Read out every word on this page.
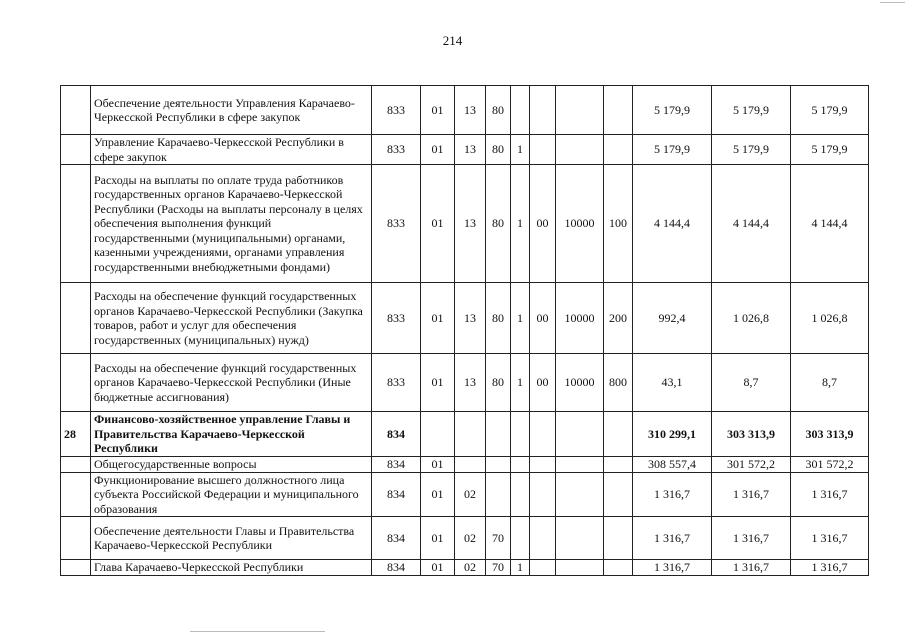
214
	Обеспечение деятельности Управления Карачаево-Черкесской Республики в сфере закупок	833	01	13	80					5 179,9	5 179,9	5 179,9
	Управление Карачаево-Черкесской Республики в сфере закупок	833	01	13	80	1				5 179,9	5 179,9	5 179,9
	Расходы на выплаты по оплате труда работников государственных органов Карачаево-Черкесской Республики (Расходы на выплаты персоналу в целях обеспечения выполнения функций государственными (муниципальными) органами, казенными учреждениями, органами управления государственными внебюджетными фондами)	833	01	13	80	1	00	10000	100	4 144,4	4 144,4	4 144,4
	Расходы на обеспечение функций государственных органов Карачаево-Черкесской Республики (Закупка товаров, работ и услуг для обеспечения государственных (муниципальных) нужд)	833	01	13	80	1	00	10000	200	992,4	1 026,8	1 026,8
	Расходы на обеспечение функций государственных органов Карачаево-Черкесской Республики (Иные бюджетные ассигнования)	833	01	13	80	1	00	10000	800	43,1	8,7	8,7
28	Финансово-хозяйственное управление Главы и Правительства Карачаево-Черкесской Республики	834								310 299,1	303 313,9	303 313,9
	Общегосударственные вопросы	834	01							308 557,4	301 572,2	301 572,2
	Функционирование высшего должностного лица субъекта Российской Федерации и муниципального образования	834	01	02						1 316,7	1 316,7	1 316,7
	Обеспечение деятельности Главы и Правительства Карачаево-Черкесской Республики	834	01	02	70					1 316,7	1 316,7	1 316,7
	Глава Карачаево-Черкесской Республики	834	01	02	70	1				1 316,7	1 316,7	1 316,7
